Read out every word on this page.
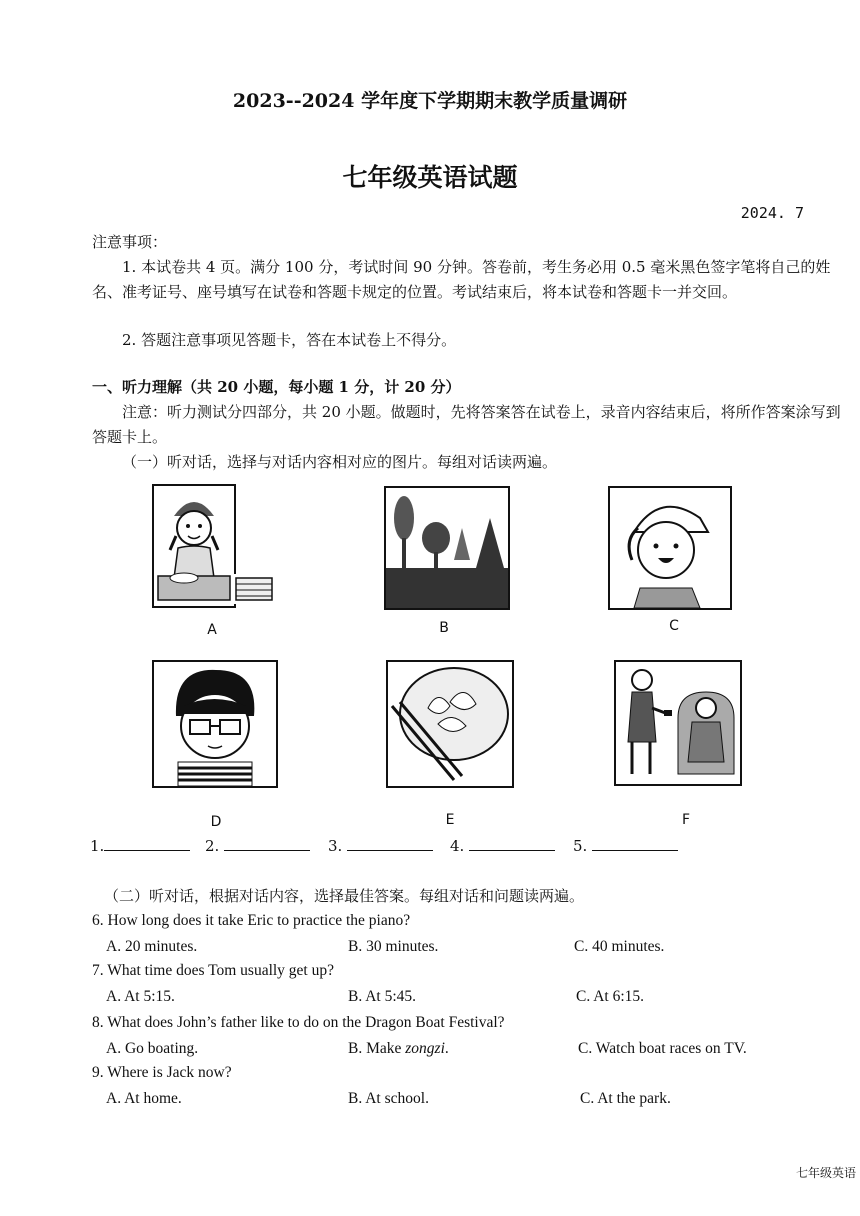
2023--2024 学年度下学期期末教学质量调研
七年级英语试题
2024. 7
注意事项：
1. 本试卷共 4 页。满分 100 分，考试时间 90 分钟。答卷前，考生务必用 0.5 毫米黑色签字笔将自己的姓名、准考证号、座号填写在试卷和答题卡规定的位置。考试结束后，将本试卷和答题卡一并交回。
2. 答题注意事项见答题卡，答在本试卷上不得分。
一、听力理解（共 20 小题，每小题 1 分，计 20 分）
注意：听力测试分四部分，共 20 小题。做题时，先将答案答在试卷上，录音内容结束后，将所作答案涂写到答题卡上。
（一）听对话，选择与对话内容相对应的图片。每组对话读两遍。
A	B	C
D	E	F
1.	2.	3.	4.	5.
（二）听对话，根据对话内容，选择最佳答案。每组对话和问题读两遍。
6. How long does it take Eric to practice the piano?
A. 20 minutes.	B. 30 minutes.	C. 40 minutes.
7. What time does Tom usually get up?
A. At 5:15.	B. At 5:45.	C. At 6:15.
8. What does John’s father like to do on the Dragon Boat Festival?
A. Go boating.	B. Make zongzi.	C. Watch boat races on TV.
9. Where is Jack now?
A. At home.	B. At school.	C. At the park.
七年级英语
